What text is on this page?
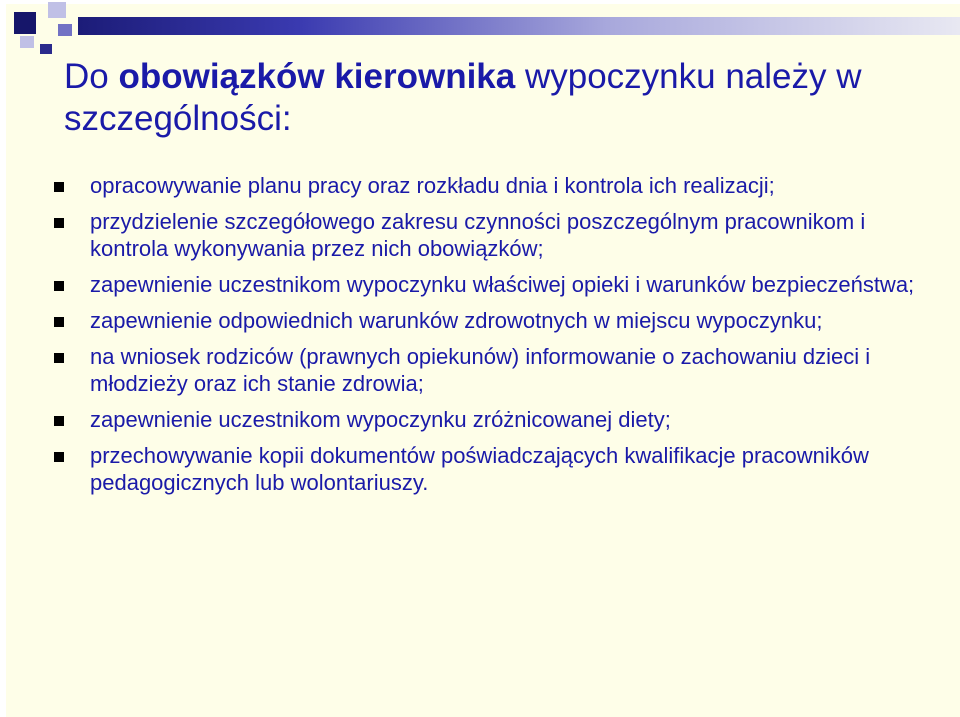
Do obowiązków kierownika wypoczynku należy w szczególności:
opracowywanie planu pracy oraz rozkładu dnia i kontrola ich realizacji;
przydzielenie szczegółowego zakresu czynności poszczególnym pracownikom i kontrola wykonywania przez nich obowiązków;
zapewnienie uczestnikom wypoczynku właściwej opieki i warunków bezpieczeństwa;
zapewnienie odpowiednich warunków zdrowotnych w miejscu wypoczynku;
na wniosek rodziców (prawnych opiekunów) informowanie o zachowaniu dzieci i młodzieży oraz ich stanie zdrowia;
zapewnienie uczestnikom wypoczynku zróżnicowanej diety;
przechowywanie kopii dokumentów poświadczających kwalifikacje pracowników pedagogicznych lub wolontariuszy.
